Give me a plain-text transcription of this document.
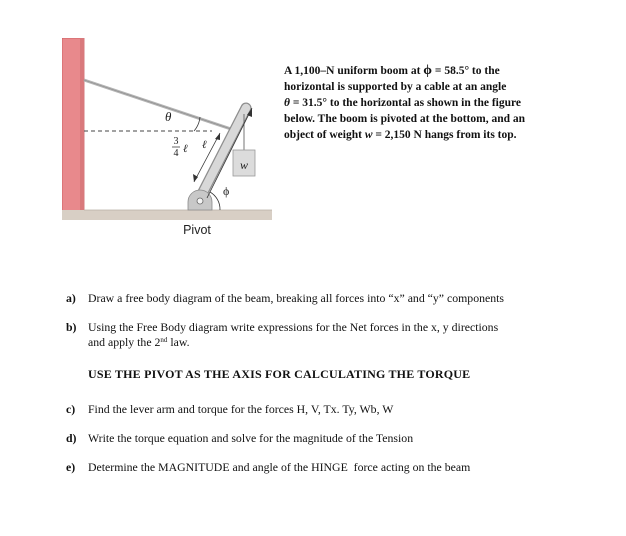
w
θ
3
4 ℓ ℓ
ϕ
Pivot
A 1,100–N uniform boom at ϕ = 58.5° to the
horizontal is supported by a cable at an angle
θ = 31.5° to the horizontal as shown in the figure
below. The boom is pivoted at the bottom, and an
object of weight w = 2,150 N hangs from its top.
a) Draw a free body diagram of the beam, breaking all forces into “x” and “y” components
b) Using the Free Body diagram write expressions for the Net forces in the x, y directions
and apply the 2nd law.
USE THE PIVOT AS THE AXIS FOR CALCULATING THE TORQUE
c) Find the lever arm and torque for the forces H, V, Tx. Ty, Wb, W
d) Write the torque equation and solve for the magnitude of the Tension
e) Determine the MAGNITUDE and angle of the HINGE  force acting on the beam
